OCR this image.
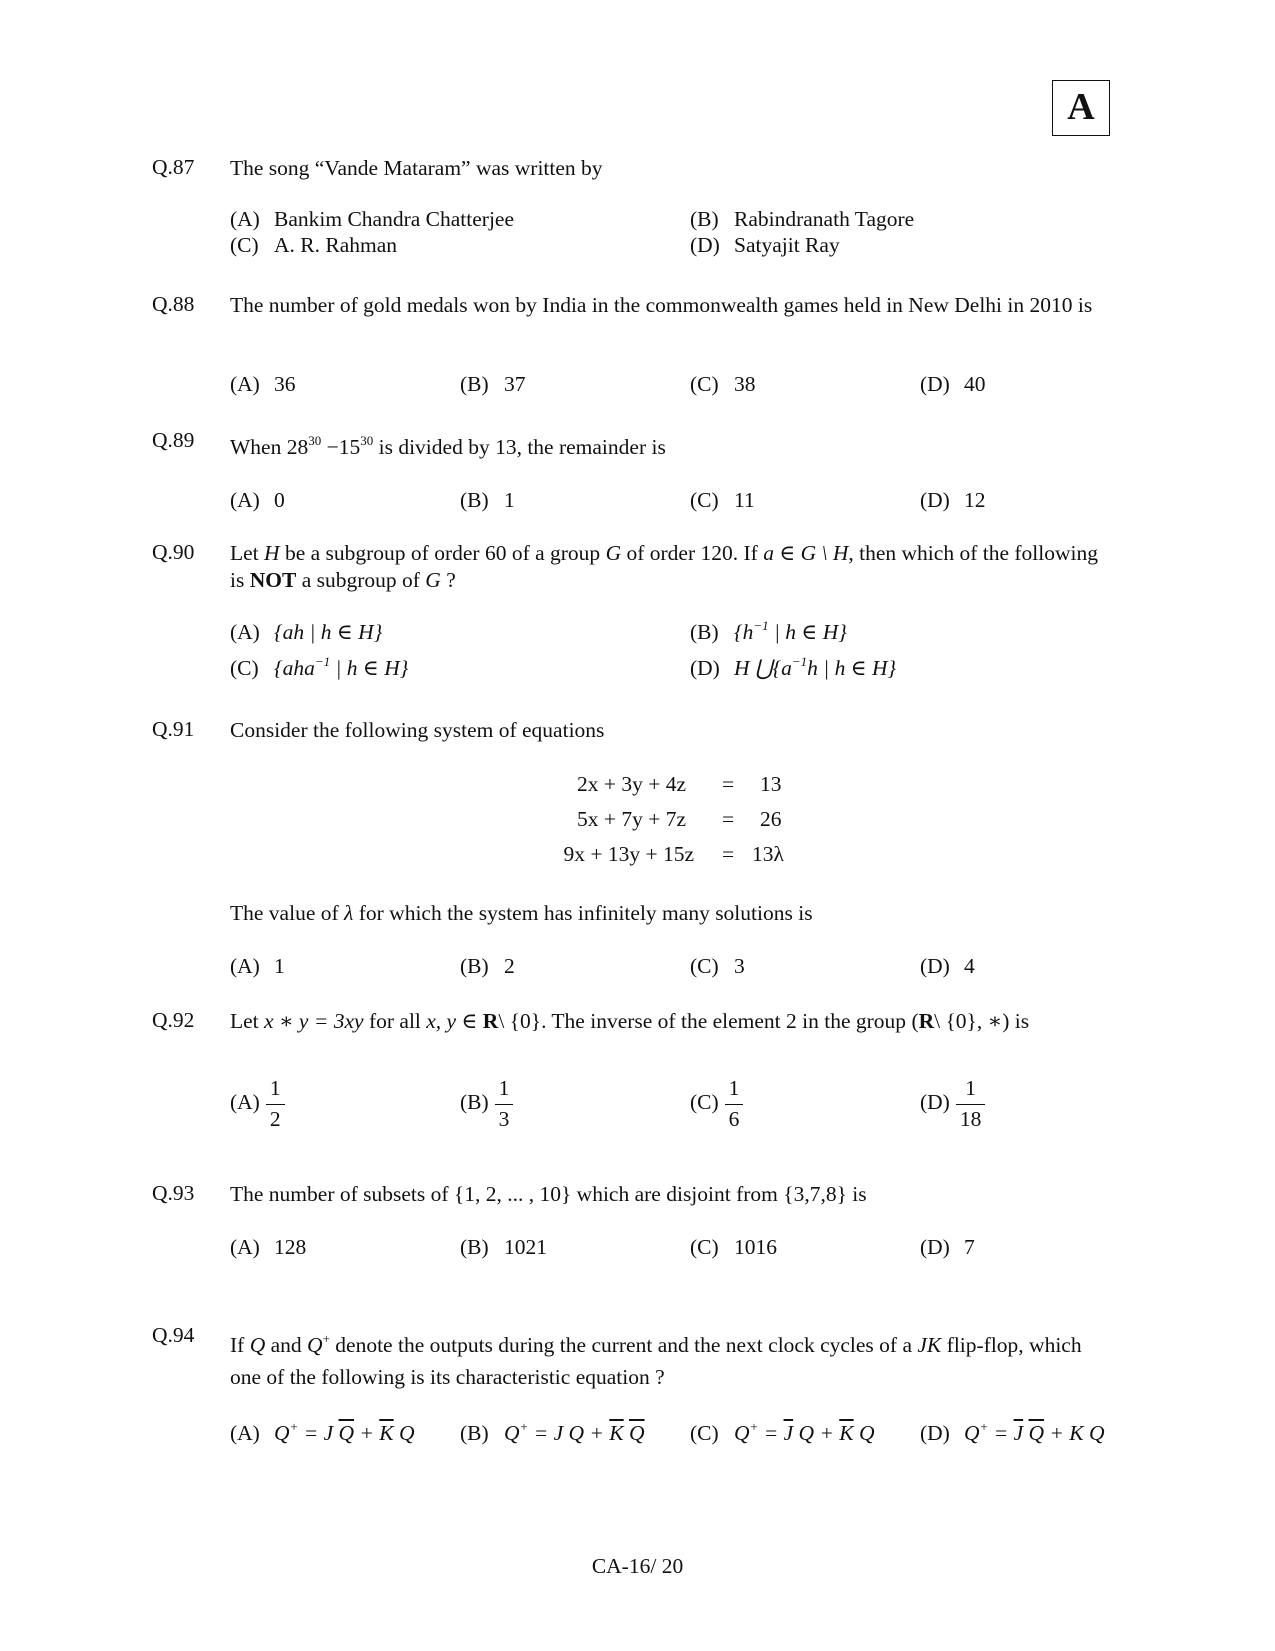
A
Q.87 The song “Vande Mataram” was written by
(A) Bankim Chandra Chatterjee	(B) Rabindranath Tagore
(C) A. R. Rahman	(D) Satyajit Ray
Q.88 The number of gold medals won by India in the commonwealth games held in New Delhi in 2010 is
(A) 36	(B) 37	(C) 38	(D) 40
Q.89 When $28^{30} -15^{30}$ is divided by 13, the remainder is
(A) 0	(B) 1	(C) 11	(D) 12
Q.90 Let H be a subgroup of order 60 of a group G of order 120. If a ∈ G \ H, then which of the following is NOT a subgroup of G ?
(A) {ah | h ∈ H}	(B) {$h^{-1}$ | h ∈ H}
(C) {aha$^{-1}$ | h ∈ H}	(D) H $⋃\{a^{-1}h$ | h ∈ H}
Q.91 Consider the following system of equations
2x + 3y + 4z = 13
5x + 7y + 7z = 26
9x + 13y + 15z = 13λ
The value of λ for which the system has infinitely many solutions is
(A) 1	(B) 2	(C) 3	(D) 4
Q.92 Let x ∗ y = 3xy for all x, y ∈ R\ {0}. The inverse of the element 2 in the group (R\ {0}, ∗) is
$(A) \frac{1}{2}$	$(B) \frac{1}{3}$	$(C) \frac{1}{6}$	$(D) \frac{1}{18}$
Q.93 The number of subsets of {1, 2, ... , 10} which are disjoint from {3,7,8} is
(A) 128	(B) 1021	(C) 1016	(D) 7
Q.94 If Q and Q+ denote the outputs during the current and the next clock cycles of a JK flip-flop, which one of the following is its characteristic equation ?
(A) Q+ = J $\overline{Q} + \overline{K}$ Q (B) Q+ = J $Q + \overline{K}$ $\overline{Q}$ (C) $Q^+ = \overline{J}$ $Q + \overline{K}$ Q (D) $Q^+ = \overline{J}$ $\overline{Q} + K$ Q
CA-16/ 20
